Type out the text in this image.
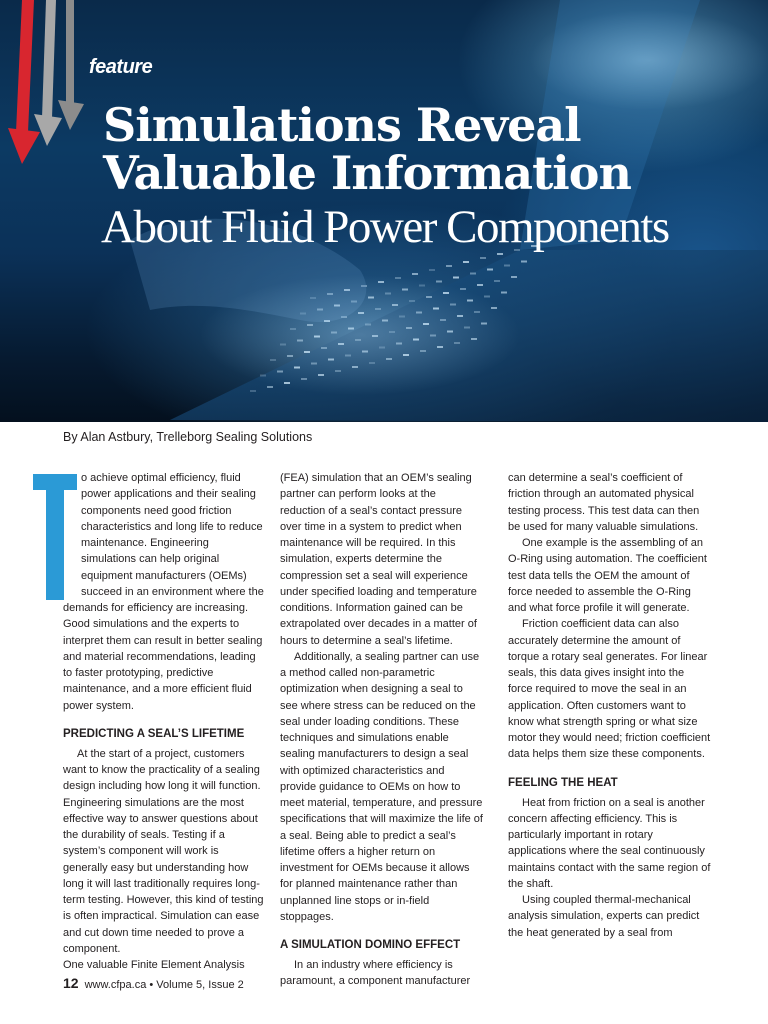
feature
Simulations Reveal
Valuable Information
About Fluid Power Components
By Alan Astbury, Trelleborg Sealing Solutions

o achieve optimal efficiency, fluid power applications and their sealing components need good friction characteristics and long life to reduce maintenance. Engineering simulations can help original equipment manufacturers (OEMs) succeed in an environment where the demands for efficiency are increasing. Good simulations and the experts to interpret them can result in better sealing and material recommendations, leading to faster prototyping, predictive maintenance, and a more efficient fluid power system.

PREDICTING A SEAL’S LIFETIME

At the start of a project, customers want to know the practicality of a sealing design including how long it will function. Engineering simulations are the most effective way to answer questions about the durability of seals. Testing if a system’s component will work is generally easy but understanding how long it will last traditionally requires long-term testing. However, this kind of testing is often impractical. Simulation can ease and cut down time needed to prove a component.

One valuable Finite Element Analysis

(FEA) simulation that an OEM’s sealing partner can perform looks at the reduction of a seal’s contact pressure over time in a system to predict when maintenance will be required. In this simulation, experts determine the compression set a seal will experience under specified loading and temperature conditions. Information gained can be extrapolated over decades in a matter of hours to determine a seal’s lifetime.

Additionally, a sealing partner can use a method called non-parametric optimization when designing a seal to see where stress can be reduced on the seal under loading conditions. These techniques and simulations enable sealing manufacturers to design a seal with optimized characteristics and provide guidance to OEMs on how to meet material, temperature, and pressure specifications that will maximize the life of a seal. Being able to predict a seal’s lifetime offers a higher return on investment for OEMs because it allows for planned maintenance rather than unplanned line stops or in-field stoppages.

A SIMULATION DOMINO EFFECT

In an industry where efficiency is paramount, a component manufacturer

can determine a seal’s coefficient of friction through an automated physical testing process. This test data can then be used for many valuable simulations.

One example is the assembling of an O-Ring using automation. The coefficient test data tells the OEM the amount of force needed to assemble the O-Ring and what force profile it will generate.

Friction coefficient data can also accurately determine the amount of torque a rotary seal generates. For linear seals, this data gives insight into the force required to move the seal in an application. Often customers want to know what strength spring or what size motor they would need; friction coefficient data helps them size these components.

FEELING THE HEAT

Heat from friction on a seal is another concern affecting efficiency. This is particularly important in rotary applications where the seal continuously maintains contact with the same region of the shaft.

Using coupled thermal-mechanical analysis simulation, experts can predict the heat generated by a seal from

12 www.cfpa.ca • Volume 5, Issue 2
